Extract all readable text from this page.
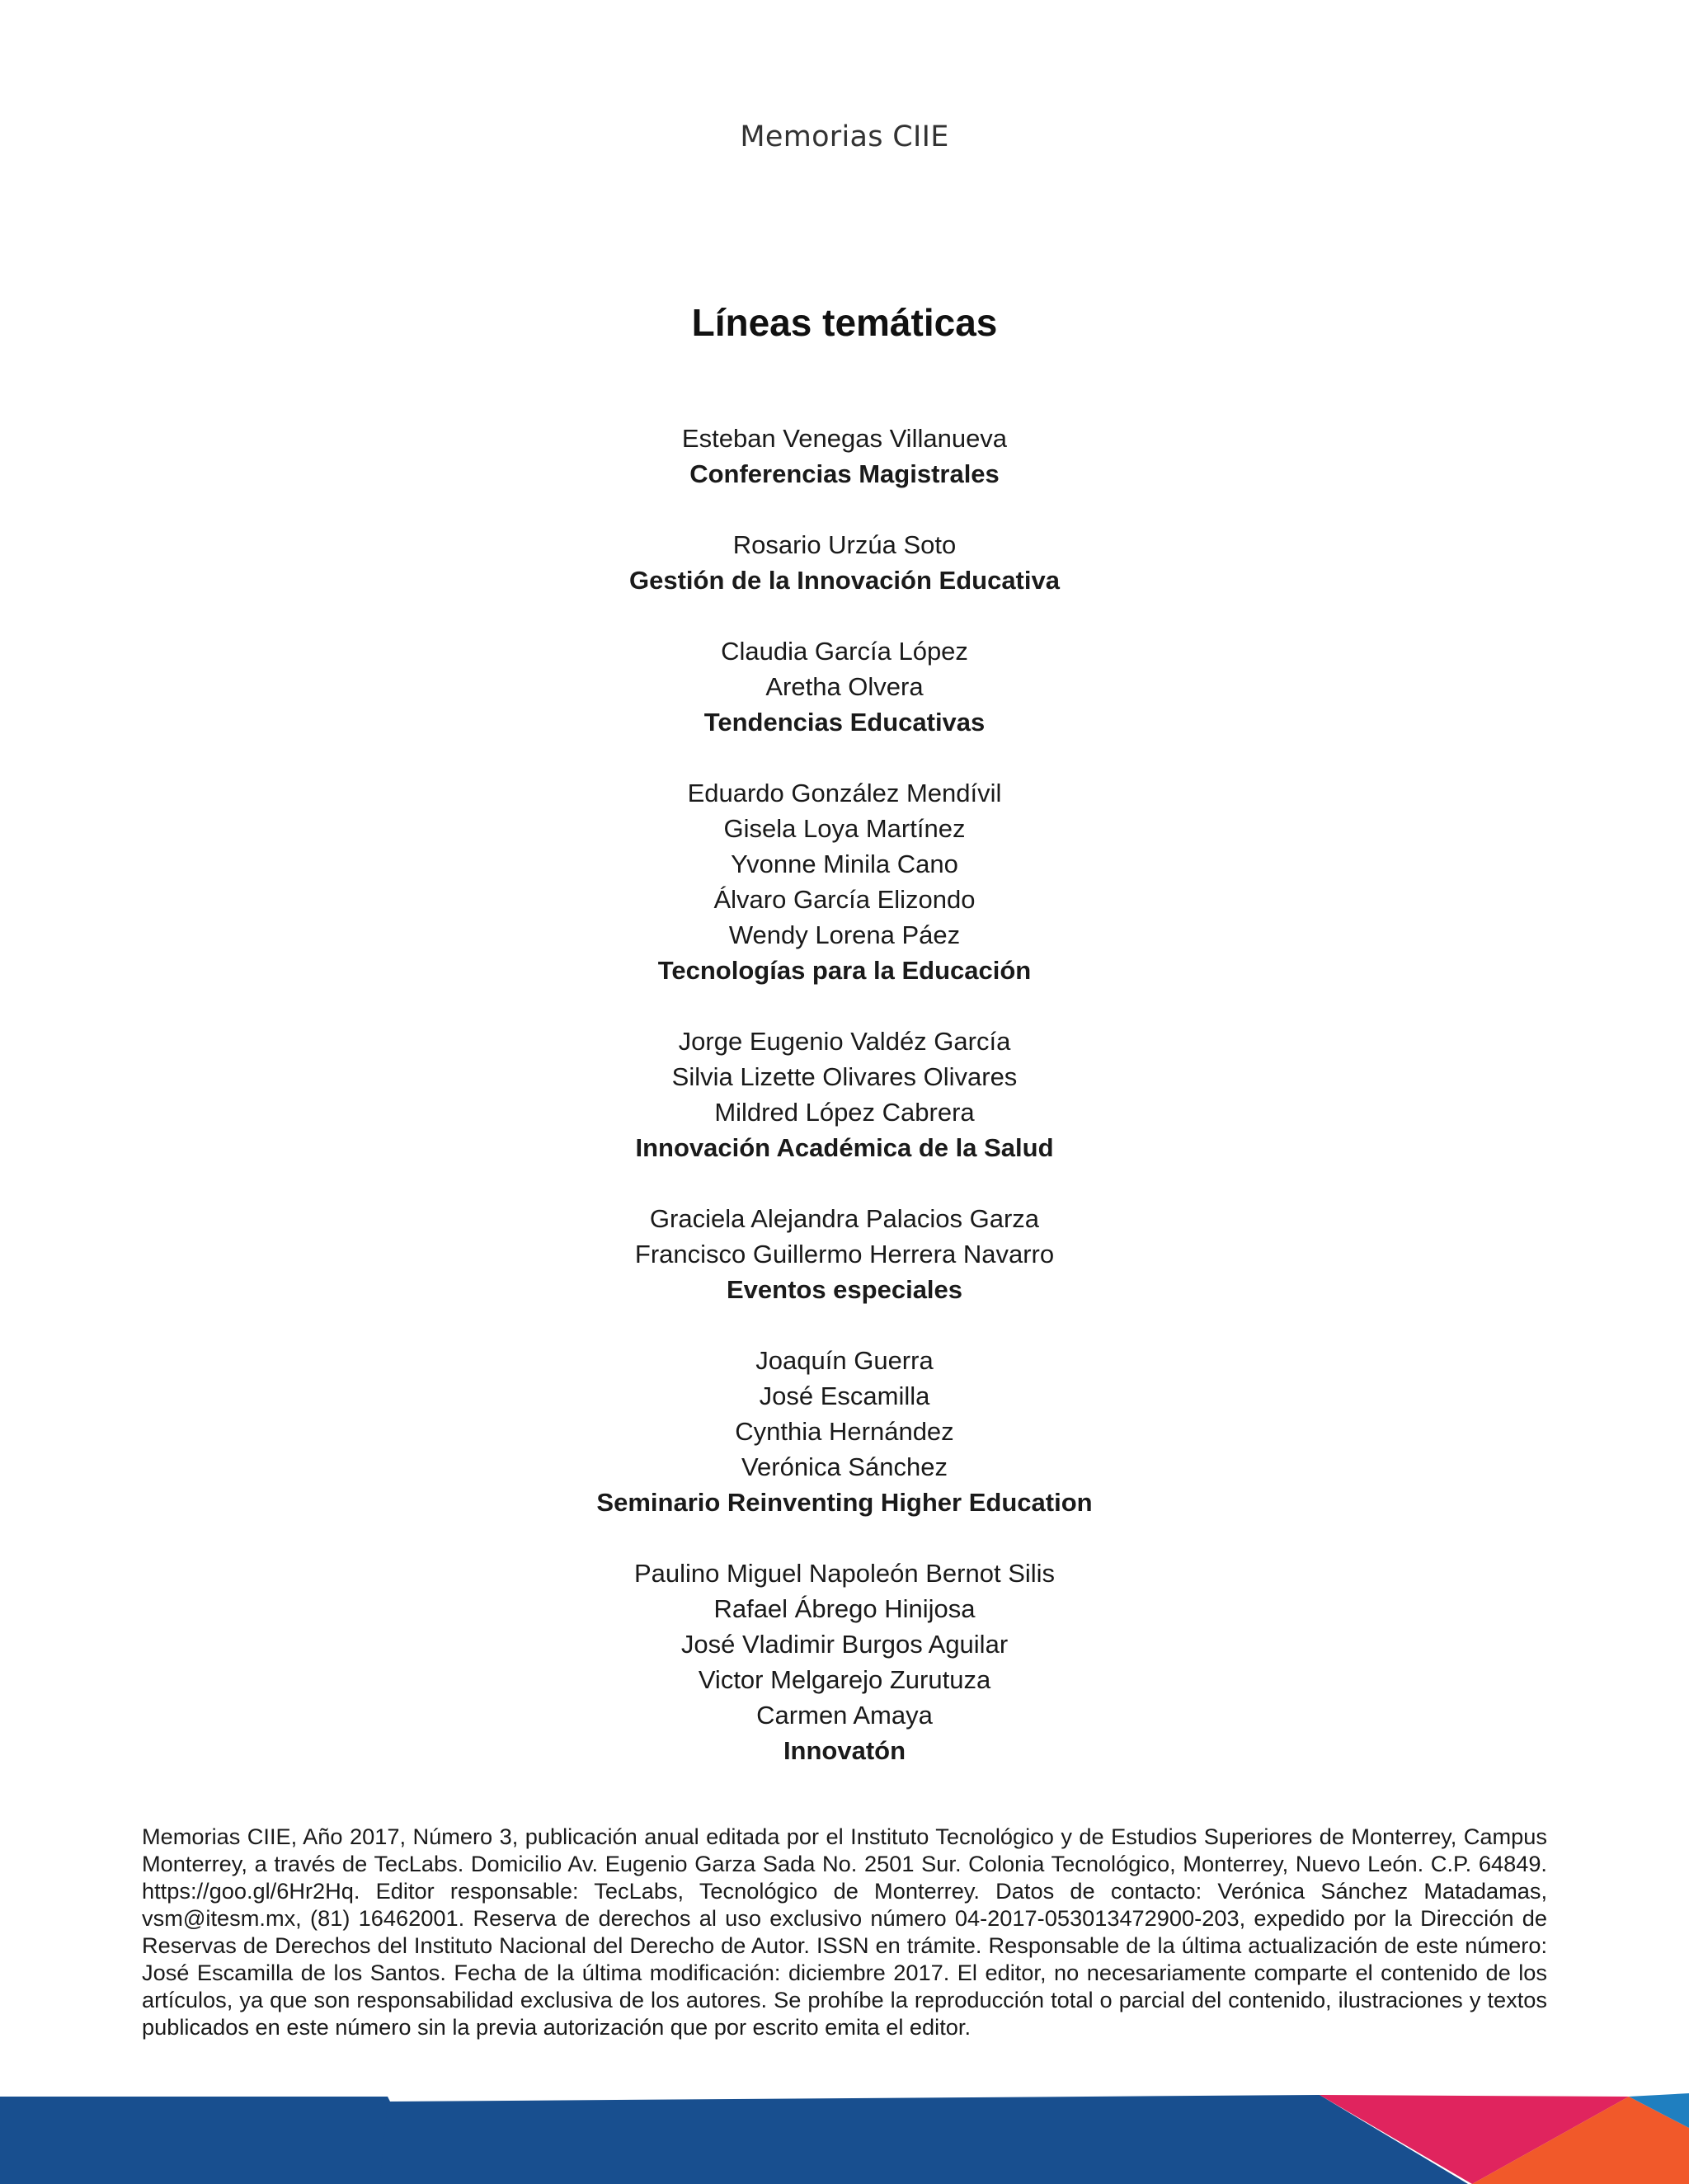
Memorias CIIE
Líneas temáticas
Esteban Venegas Villanueva
Conferencias Magistrales
Rosario Urzúa Soto
Gestión de la Innovación Educativa
Claudia García López
Aretha Olvera
Tendencias Educativas
Eduardo González Mendívil
Gisela Loya Martínez
Yvonne Minila Cano
Álvaro García Elizondo
Wendy Lorena Páez
Tecnologías para la Educación
Jorge Eugenio Valdéz García
Silvia Lizette Olivares Olivares
Mildred López Cabrera
Innovación Académica de la Salud
Graciela Alejandra Palacios Garza
Francisco Guillermo Herrera Navarro
Eventos especiales
Joaquín Guerra
José Escamilla
Cynthia Hernández
Verónica Sánchez
Seminario Reinventing Higher Education
Paulino Miguel Napoleón Bernot Silis
Rafael Ábrego Hinijosa
José Vladimir Burgos Aguilar
Victor Melgarejo Zurutuza
Carmen Amaya
Innovatón
Memorias CIIE, Año 2017, Número 3, publicación anual editada por el Instituto Tecnológico y de Estudios Superiores de Monterrey, Campus Monterrey, a través de TecLabs. Domicilio Av. Eugenio Garza Sada No. 2501 Sur. Colonia Tecnológico, Monterrey, Nuevo León. C.P. 64849. https://goo.gl/6Hr2Hq. Editor responsable: TecLabs, Tecnológico de Monterrey. Datos de contacto: Verónica Sánchez Matadamas, vsm@itesm.mx, (81) 16462001. Reserva de derechos al uso exclusivo número 04-2017-053013472900-203, expedido por la Dirección de Reservas de Derechos del Instituto Nacional del Derecho de Autor. ISSN en trámite. Responsable de la última actualización de este número: José Escamilla de los Santos. Fecha de la última modificación: diciembre 2017. El editor, no necesariamente comparte el contenido de los artículos, ya que son responsabilidad exclusiva de los autores. Se prohíbe la reproducción total o parcial del contenido, ilustraciones y textos publicados en este número sin la previa autorización que por escrito emita el editor.
